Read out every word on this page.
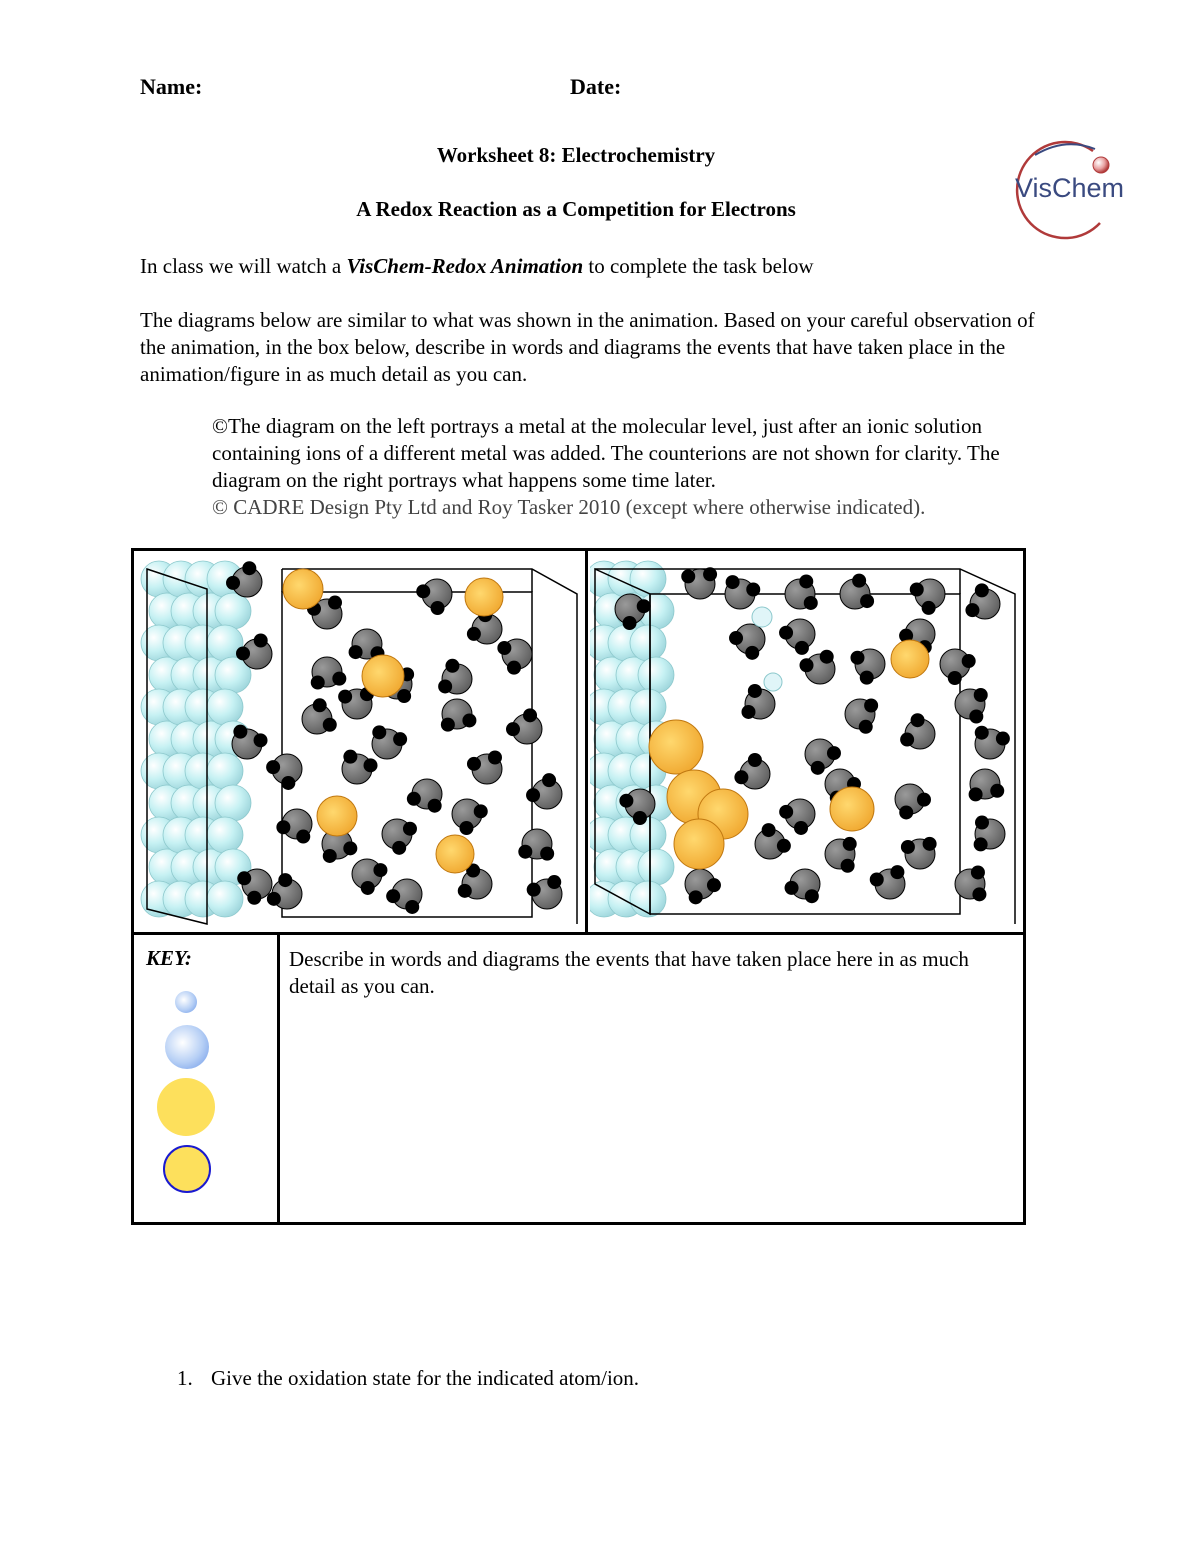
Name:	Date:
Worksheet 8: Electrochemistry
A Redox Reaction as a Competition for Electrons
VisChem
In class we will watch a VisChem-Redox Animation to complete the task below
The diagrams below are similar to what was shown in the animation. Based on your careful observation of the animation, in the box below, describe in words and diagrams the events that have taken place in the animation/figure in as much detail as you can.
©The diagram on the left portrays a metal at the molecular level, just after an ionic solution containing ions of a different metal was added. The counterions are not shown for clarity. The diagram on the right portrays what happens some time later.
© CADRE Design Pty Ltd and Roy Tasker 2010 (except where otherwise indicated).
KEY:	Describe in words and diagrams the events that have taken place here in as much detail as you can.
1. Give the oxidation state for the indicated atom/ion.
